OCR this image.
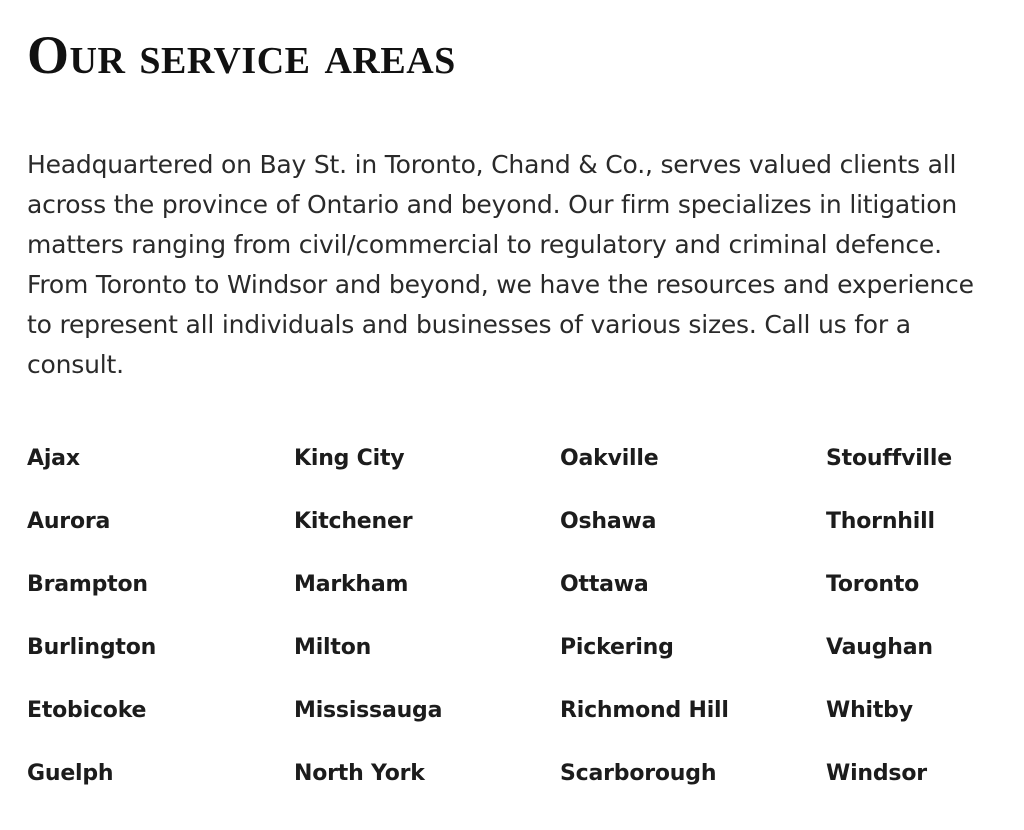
Our service areas

Headquartered on Bay St. in Toronto, Chand & Co., serves valued clients all across the province of Ontario and beyond. Our firm specializes in litigation matters ranging from civil/commercial to regulatory and criminal defence. From Toronto to Windsor and beyond, we have the resources and experience to represent all individuals and businesses of various sizes. Call us for a consult.

Ajax
Aurora
Brampton
Burlington
Etobicoke
Guelph
King City
Kitchener
Markham
Milton
Mississauga
North York
Oakville
Oshawa
Ottawa
Pickering
Richmond Hill
Scarborough
Stouffville
Thornhill
Toronto
Vaughan
Whitby
Windsor
